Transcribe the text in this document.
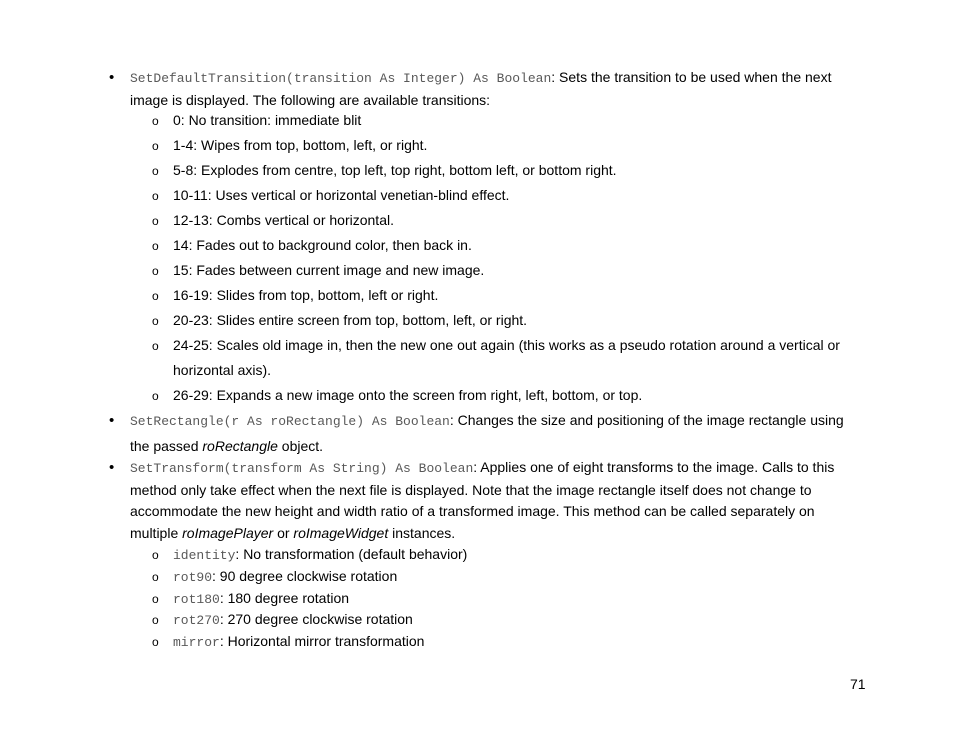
• SetDefaultTransition(transition As Integer) As Boolean: Sets the transition to be used when the next image is displayed. The following are available transitions:
o 0: No transition: immediate blit
o 1-4: Wipes from top, bottom, left, or right.
o 5-8: Explodes from centre, top left, top right, bottom left, or bottom right.
o 10-11: Uses vertical or horizontal venetian-blind effect.
o 12-13: Combs vertical or horizontal.
o 14: Fades out to background color, then back in.
o 15: Fades between current image and new image.
o 16-19: Slides from top, bottom, left or right.
o 20-23: Slides entire screen from top, bottom, left, or right.
o 24-25: Scales old image in, then the new one out again (this works as a pseudo rotation around a vertical or horizontal axis).
o 26-29: Expands a new image onto the screen from right, left, bottom, or top.
• SetRectangle(r As roRectangle) As Boolean: Changes the size and positioning of the image rectangle using the passed roRectangle object.
• SetTransform(transform As String) As Boolean: Applies one of eight transforms to the image. Calls to this method only take effect when the next file is displayed. Note that the image rectangle itself does not change to accommodate the new height and width ratio of a transformed image. This method can be called separately on multiple roImagePlayer or roImageWidget instances.
o identity: No transformation (default behavior)
o rot90: 90 degree clockwise rotation
o rot180: 180 degree rotation
o rot270: 270 degree clockwise rotation
o mirror: Horizontal mirror transformation
71
